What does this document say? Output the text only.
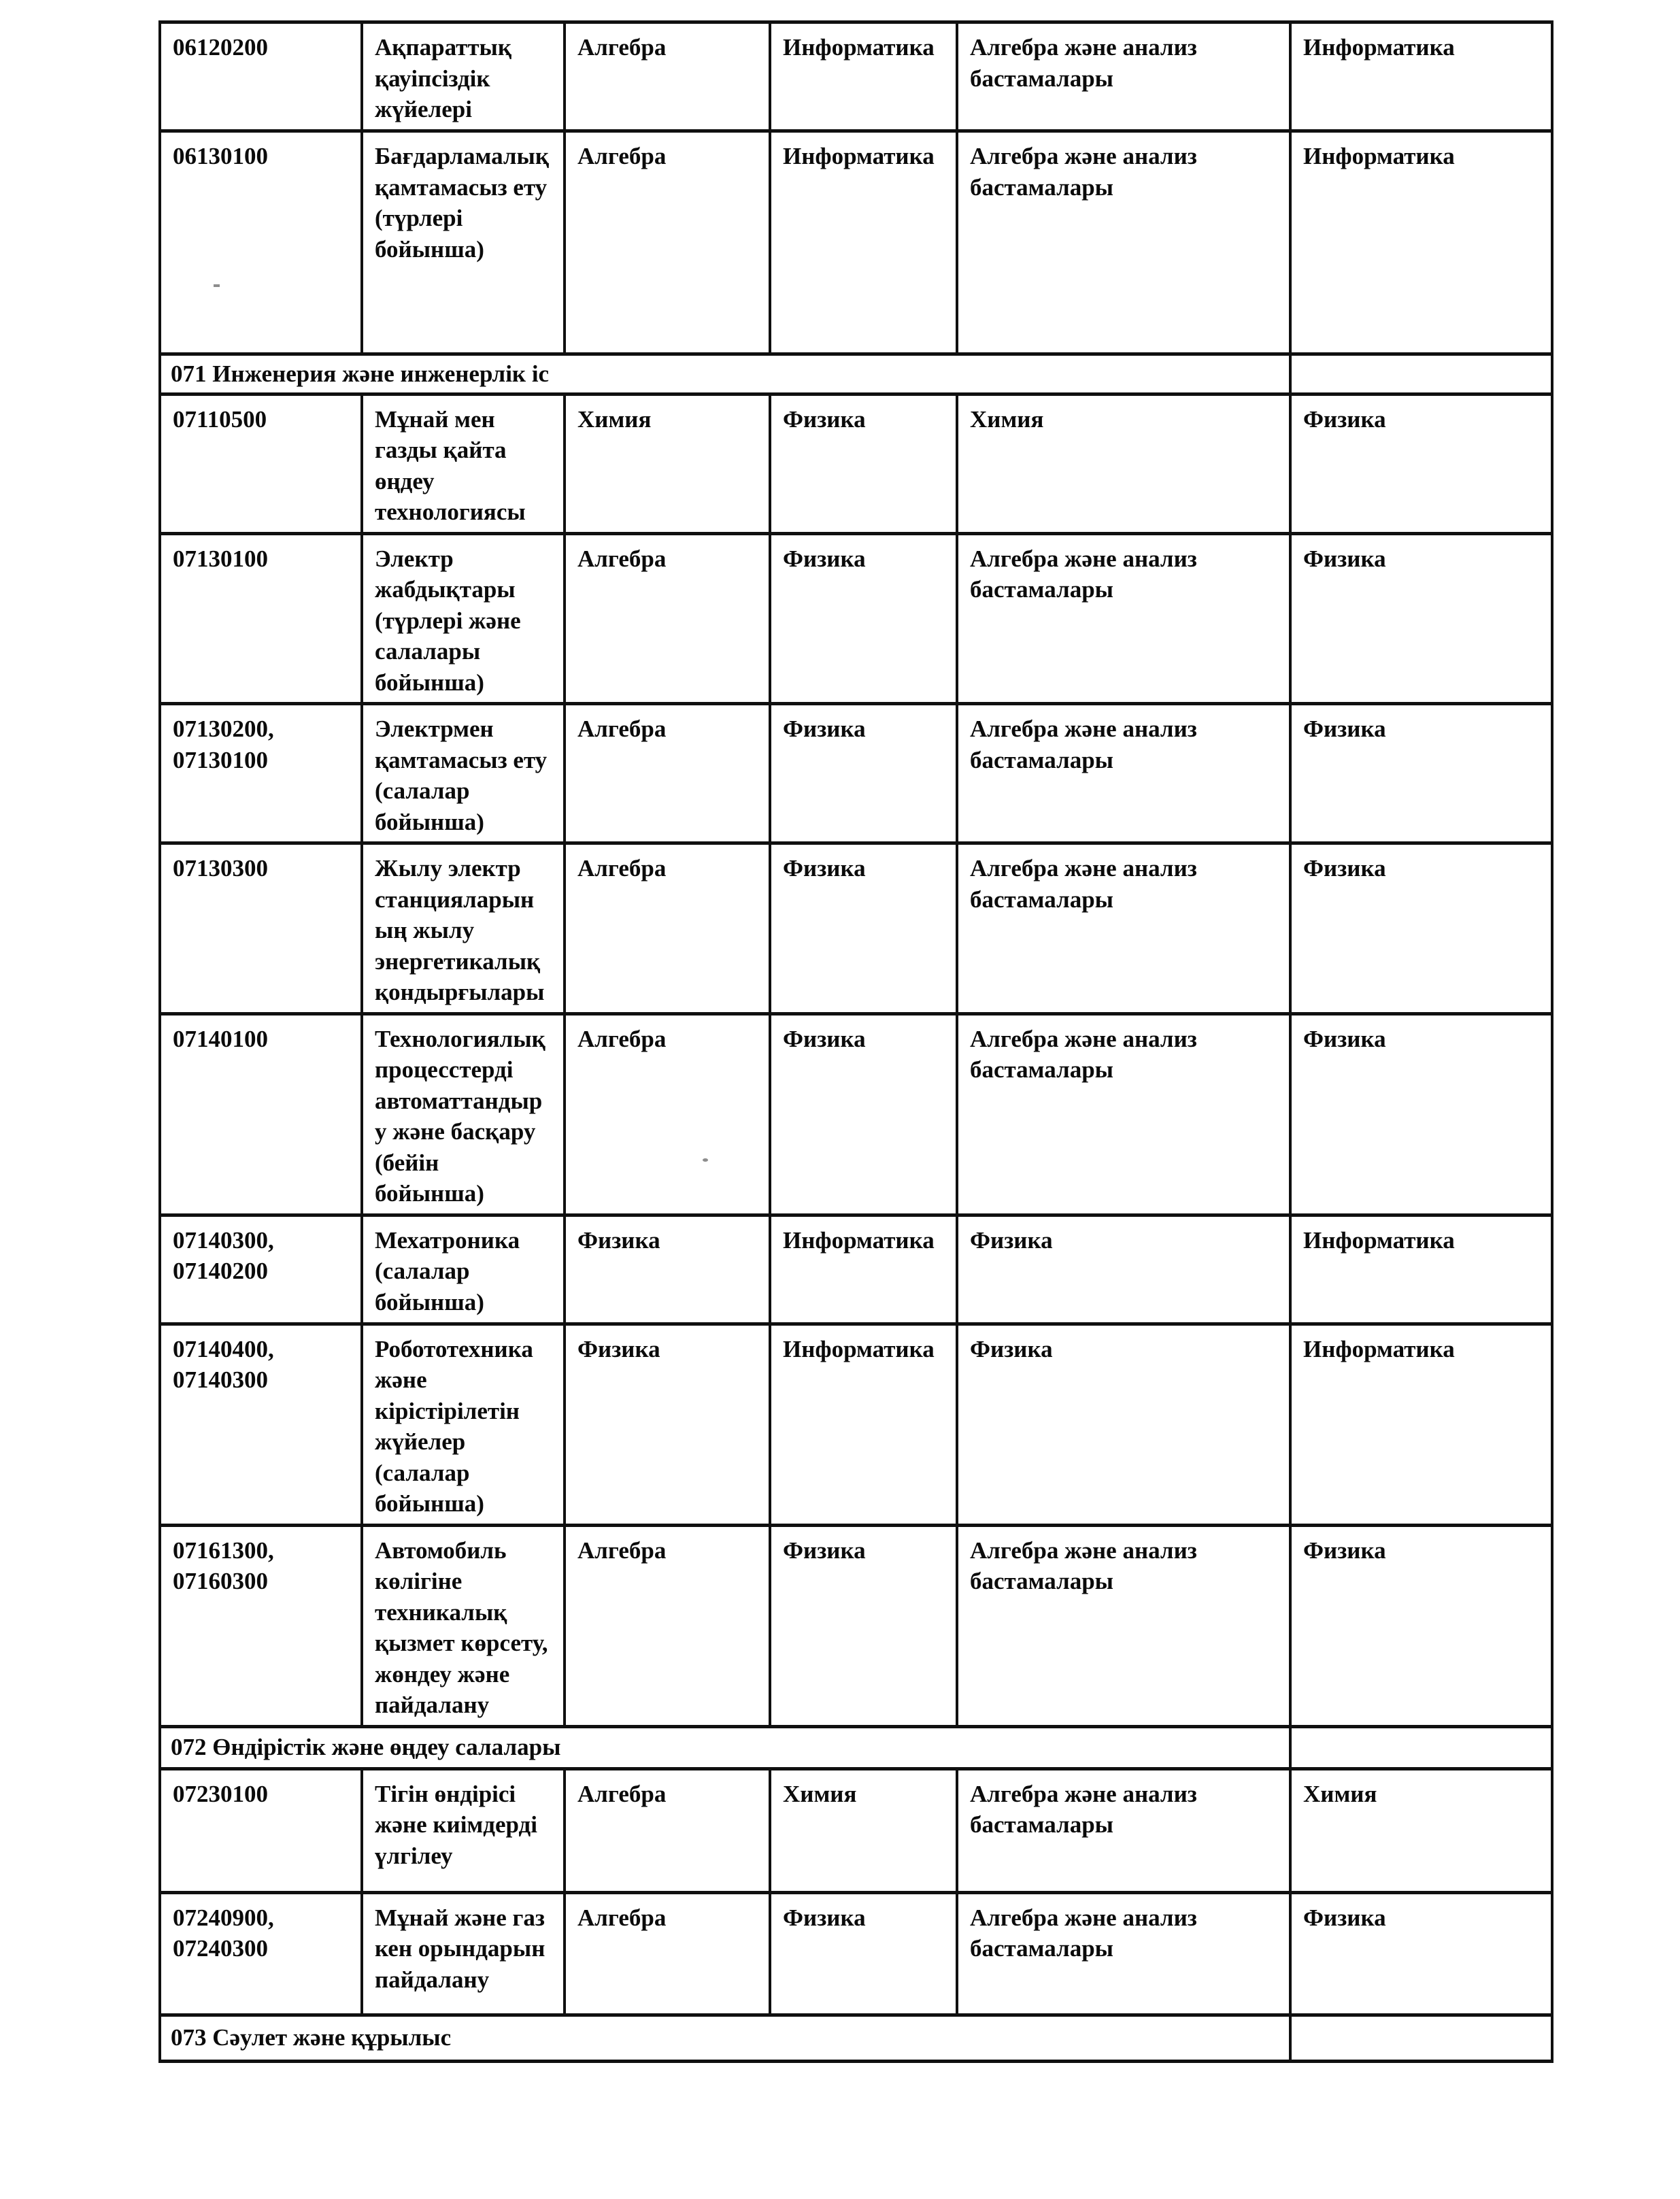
06120200	Ақпараттық қауіпсіздік жүйелері	Алгебра	Информатика	Алгебра және анализ бастамалары	Информатика
06130100	Бағдарламалық қамтамасыз ету (түрлері бойынша)	Алгебра	Информатика	Алгебра және анализ бастамалары	Информатика
071 Инженерия және инженерлік іс					
07110500	Мұнай мен газды қайта өңдеу технологиясы	Химия	Физика	Химия	Физика
07130100	Электр жабдықтары (түрлері және салалары бойынша)	Алгебра	Физика	Алгебра және анализ бастамалары	Физика
07130200, 07130100	Электрмен қамтамасыз ету (салалар бойынша)	Алгебра	Физика	Алгебра және анализ бастамалары	Физика
07130300	Жылу электр станцияларының жылу энергетикалық қондырғылары	Алгебра	Физика	Алгебра және анализ бастамалары	Физика
07140100	Технологиялық процесстерді автоматтандыру және басқару (бейін бойынша)	Алгебра	Физика	Алгебра және анализ бастамалары	Физика
07140300, 07140200	Мехатроника (салалар бойынша)	Физика	Информатика	Физика	Информатика
07140400, 07140300	Робототехника және кірістірілетін жүйелер (салалар бойынша)	Физика	Информатика	Физика	Информатика
07161300, 07160300	Автомобиль көлігіне техникалық қызмет көрсету, жөндеу және пайдалану	Алгебра	Физика	Алгебра және анализ бастамалары	Физика
072 Өндірістік және өңдеу салалары					
07230100	Тігін өндірісі және киімдерді үлгілеу	Алгебра	Химия	Алгебра және анализ бастамалары	Химия
07240900, 07240300	Мұнай және газ кен орындарын пайдалану	Алгебра	Физика	Алгебра және анализ бастамалары	Физика
073 Сәулет және құрылыс					
